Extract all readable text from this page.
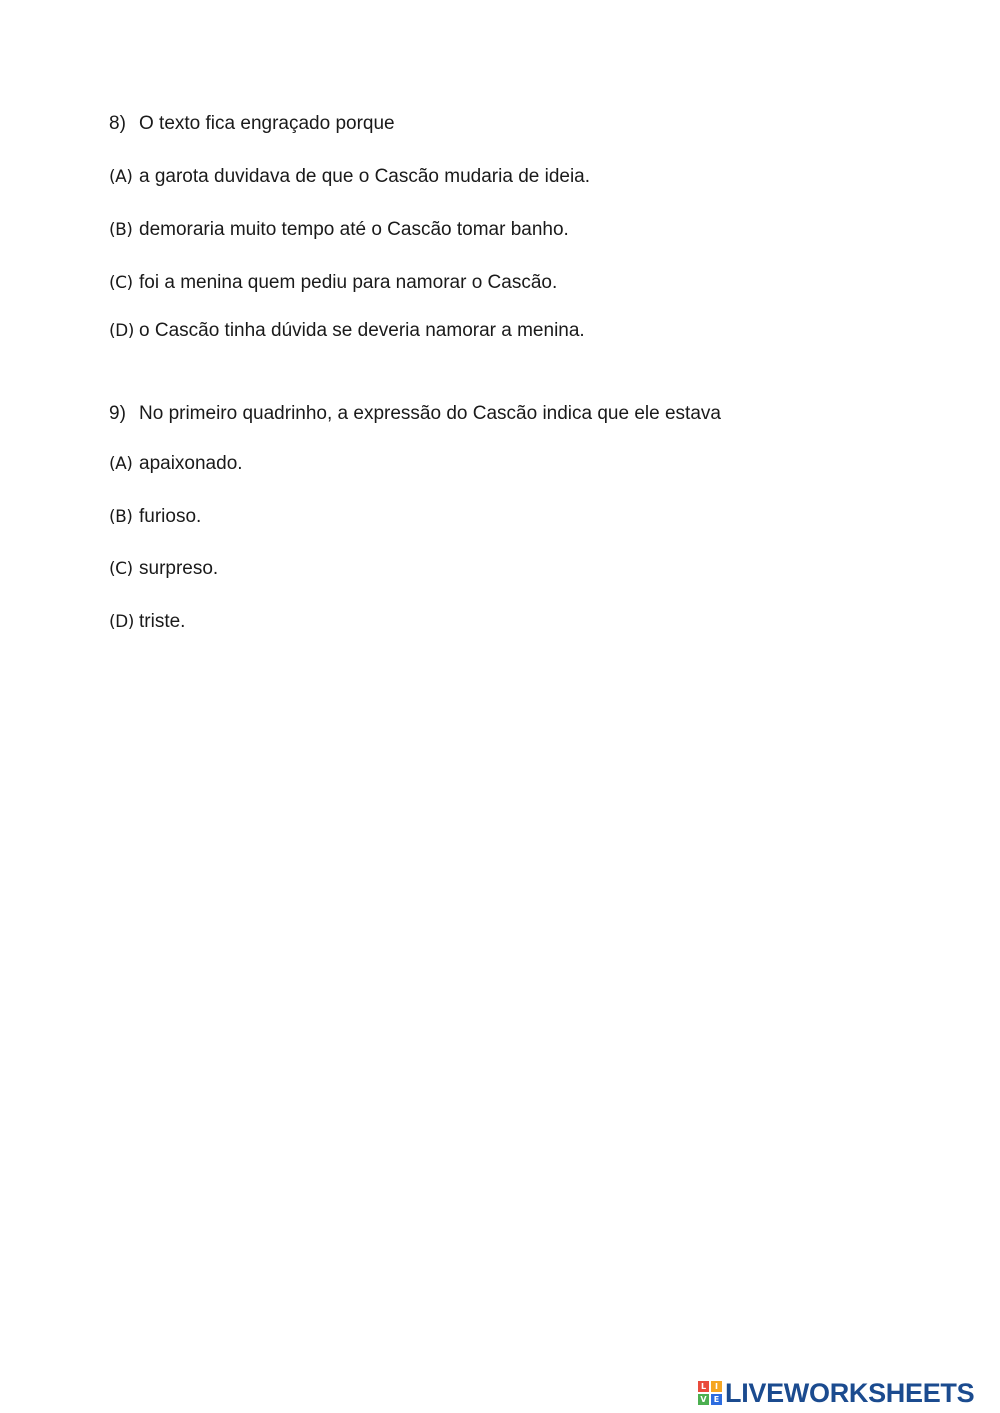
8) O texto fica engraçado porque
(A) a garota duvidava de que o Cascão mudaria de ideia.
(B) demoraria muito tempo até o Cascão tomar banho.
(C) foi a menina quem pediu para namorar o Cascão.
(D) o Cascão tinha dúvida se deveria namorar a menina.
9) No primeiro quadrinho, a expressão do Cascão indica que ele estava
(A) apaixonado.
(B) furioso.
(C) surpreso.
(D) triste.
L	I
V E LIVEWORKSHEETS
